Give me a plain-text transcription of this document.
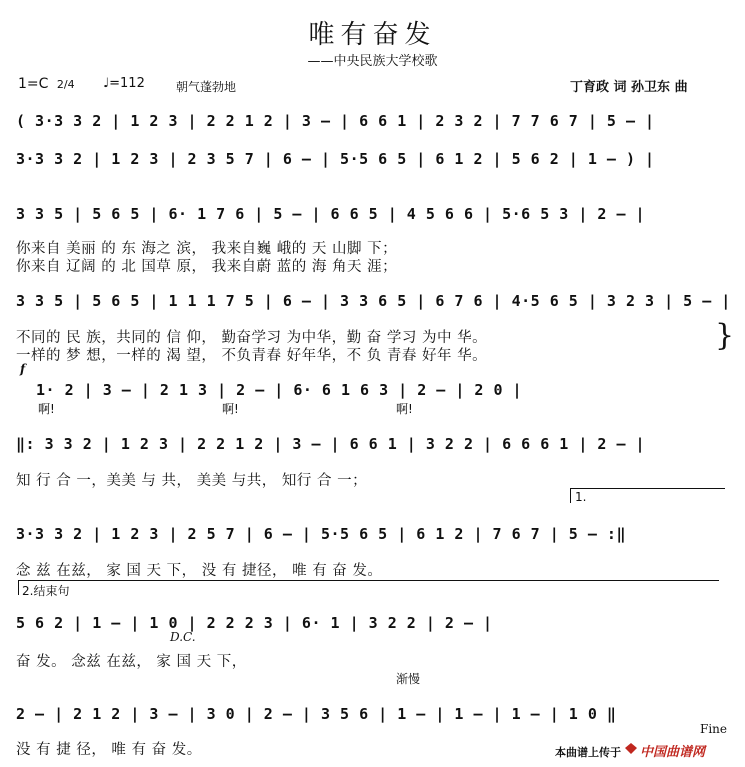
唯有奋发
——中央民族大学校歌
1=C 2/4 ♩=112	朝气蓬勃地	丁育政 词 孙卫东 曲
( 3·3 3 2 | 1 2 3 | 2 2 1 2 | 3 — | 6 6 1 | 2 3 2 | 7 7 6 7 | 5 — |
3·3 3 2 | 1 2 3 | 2 3 5 7 | 6 — | 5·5 6 5 | 6 1 2 | 5 6 2 | 1 — ) |
3 3 5 | 5 6 5 | 6· 1 7 6 | 5 — | 6 6 5 | 4 5 6 6 | 5·6 5 3 | 2 — |
你来自 美丽 的 东 海之 滨， 我来自巍 峨的 天 山脚 下；
你来自 辽阔 的 北 国草 原， 我来自蔚 蓝的 海 角天 涯；
3 3 5 | 5 6 5 | 1 1 1 7 5 | 6 — | 3 3 6 5 | 6 7 6 | 4·5 6 5 | 3 2 3 | 5 — |
不同的 民 族，共同的 信 仰， 勤奋学习 为中华，勤 奋 学习 为中 华。
一样的 梦 想，一样的 渴 望， 不负青春 好年华，不 负 青春 好年 华。
}
f
1· 2 | 3 — | 2 1 3 | 2 — | 6· 6 1 6 3 | 2 — | 2 0 |
啊!	啊!	啊!
‖: 3 3 2 | 1 2 3 | 2 2 1 2 | 3 — | 6 6 1 | 3 2 2 | 6 6 6 1 | 2 — |
知 行 合 一，美美 与 共， 美美 与共， 知行 合 一；
1.
3·3 3 2 | 1 2 3 | 2 5 7 | 6 — | 5·5 6 5 | 6 1 2 | 7 6 7 | 5 — :‖
念 兹 在兹， 家 国 天 下， 没 有 捷径， 唯 有 奋 发。
2.结束句
5 6 2 | 1 — | 1 0 | 2 2 2 3 | 6· 1 | 3 2 2 | 2 — |
D.C.
奋 发。 念兹 在兹， 家 国 天 下，
渐慢
2 — | 2 1 2 | 3 — | 3 0 | 2 — | 3 5 6 | 1 — | 1 — | 1 — | 1 0 ‖
Fine
没 有 捷 径， 唯 有 奋 发。	本曲谱上传于 中国曲谱网
